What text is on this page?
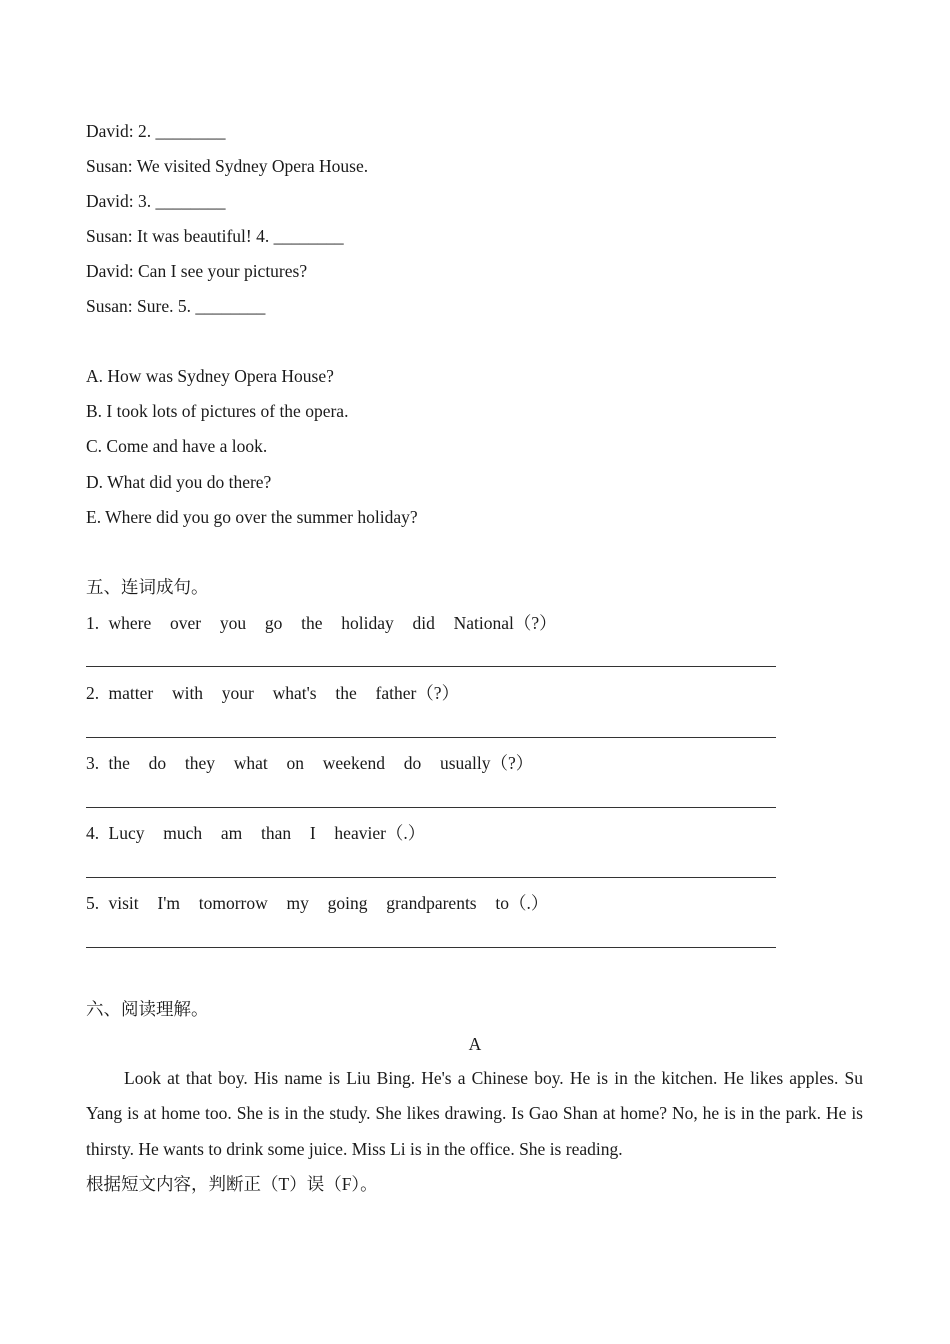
David: 2. ________
Susan: We visited Sydney Opera House.
David: 3. ________
Susan: It was beautiful! 4. ________
David: Can I see your pictures?
Susan: Sure. 5. ________
A. How was Sydney Opera House?
B. I took lots of pictures of the opera.
C. Come and have a look.
D. What did you do there?
E. Where did you go over the summer holiday?
五、连词成句。
1. where  over  you  go  the  holiday  did  National（?）
2. matter  with  your  what's  the  father（?）
3. the  do  they  what  on  weekend  do  usually（?）
4. Lucy  much  am  than  I  heavier（.）
5. visit  I'm  tomorrow  my  going  grandparents  to（.）
六、阅读理解。
A
Look at that boy. His name is Liu Bing. He's a Chinese boy. He is in the kitchen. He likes apples. Su Yang is at home too. She is in the study. She likes drawing. Is Gao Shan at home? No, he is in the park. He is thirsty. He wants to drink some juice. Miss Li is in the office. She is reading.
根据短文内容，判断正（T）误（F）。
